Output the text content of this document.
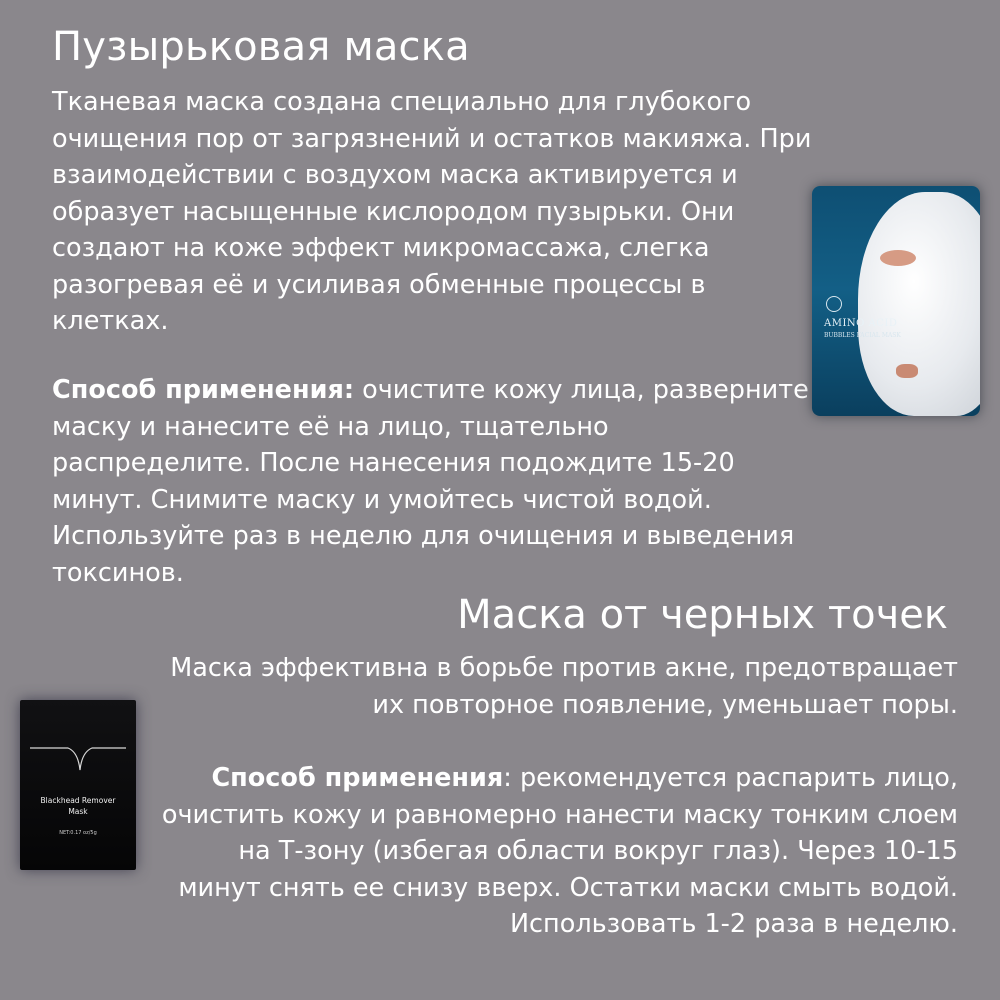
Пузырьковая маска

Тканевая маска создана специально для глубокого очищения пор от загрязнений и остатков макияжа. При взаимодействии с воздухом маска активируется и образует насыщенные кислородом пузырьки. Они создают на коже эффект микромассажа, слегка разогревая её и усиливая обменные процессы в клетках.

Способ применения: очистите кожу лица, разверните маску и нанесите её на лицо, тщательно распределите. После нанесения подождите 15-20 минут. Снимите маску и умойтесь чистой водой. Используйте раз в неделю для очищения и выведения токсинов.

AMINO ACID
BUBBLES FACIAL MASK
Маска от черных точек

Маска эффективна в борьбе против акне, предотвращает их повторное появление, уменьшает поры.

Способ применения: рекомендуется распарить лицо, очистить кожу и равномерно нанести маску тонким слоем на Т-зону (избегая области вокруг глаз). Через 10-15 минут снять ее снизу вверх. Остатки маски смыть водой. Использовать 1-2 раза в неделю.

Blackhead Remover
Mask
NET:0.17 oz/5g
